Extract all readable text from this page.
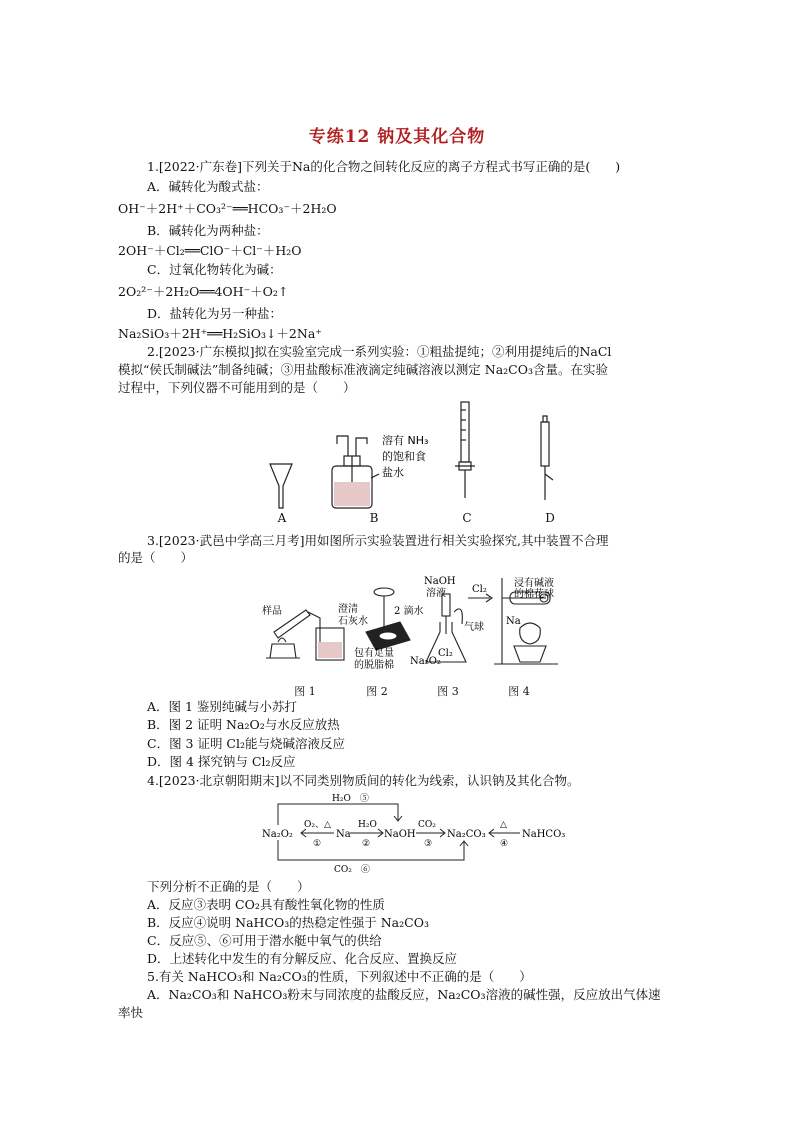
专练12 钠及其化合物
1.[2022·广东卷]下列关于Na的化合物之间转化反应的离子方程式书写正确的是(　　)
A．碱转化为酸式盐：
OH⁻＋2H⁺＋CO₃²⁻══HCO₃⁻＋2H₂O
B．碱转化为两种盐：
2OH⁻＋Cl₂══ClO⁻＋Cl⁻＋H₂O
C．过氧化物转化为碱：
2O₂²⁻＋2H₂O══4OH⁻＋O₂↑
D．盐转化为另一种盐：
Na₂SiO₃＋2H⁺══H₂SiO₃↓＋2Na⁺
2.[2023·广东模拟]拟在实验室完成一系列实验：①粗盐提纯；②利用提纯后的NaCl
模拟“侯氏制碱法”制备纯碱；③用盐酸标准液滴定纯碱溶液以测定 Na₂CO₃含量。在实验
过程中，下列仪器不可能用到的是（　　）
溶有 NH₃
的饱和食
盐水
A	B	C	D
3.[2023·武邑中学高三月考]用如图所示实验装置进行相关实验探究,其中装置不合理
的是（　　）
样品	澄清
石灰水
2 滴水
包有足量
的脱脂棉 Na₂O₂
NaOH
溶液
气球
Cl₂
Cl₂
浸有碱液
的棉花球
Na
图 1	图 2	图 3	图 4
A．图 1 鉴别纯碱与小苏打
B．图 2 证明 Na₂O₂与水反应放热
C．图 3 证明 Cl₂能与烧碱溶液反应
D．图 4 探究钠与 Cl₂反应
4.[2023·北京朝阳期末]以不同类别物质间的转化为线索，认识钠及其化合物。
Na₂O₂	Na	NaOH	Na₂CO₃	NaHCO₃
O₂、△
①
H₂O
②
CO₂
③
△
④
H₂O　⑤
CO₂　⑥
下列分析不正确的是（　　）
A．反应③表明 CO₂具有酸性氧化物的性质
B．反应④说明 NaHCO₃的热稳定性强于 Na₂CO₃
C．反应⑤、⑥可用于潜水艇中氧气的供给
D．上述转化中发生的有分解反应、化合反应、置换反应
5.有关 NaHCO₃和 Na₂CO₃的性质，下列叙述中不正确的是（　　）
A．Na₂CO₃和 NaHCO₃粉末与同浓度的盐酸反应，Na₂CO₃溶液的碱性强，反应放出气体速
率快
